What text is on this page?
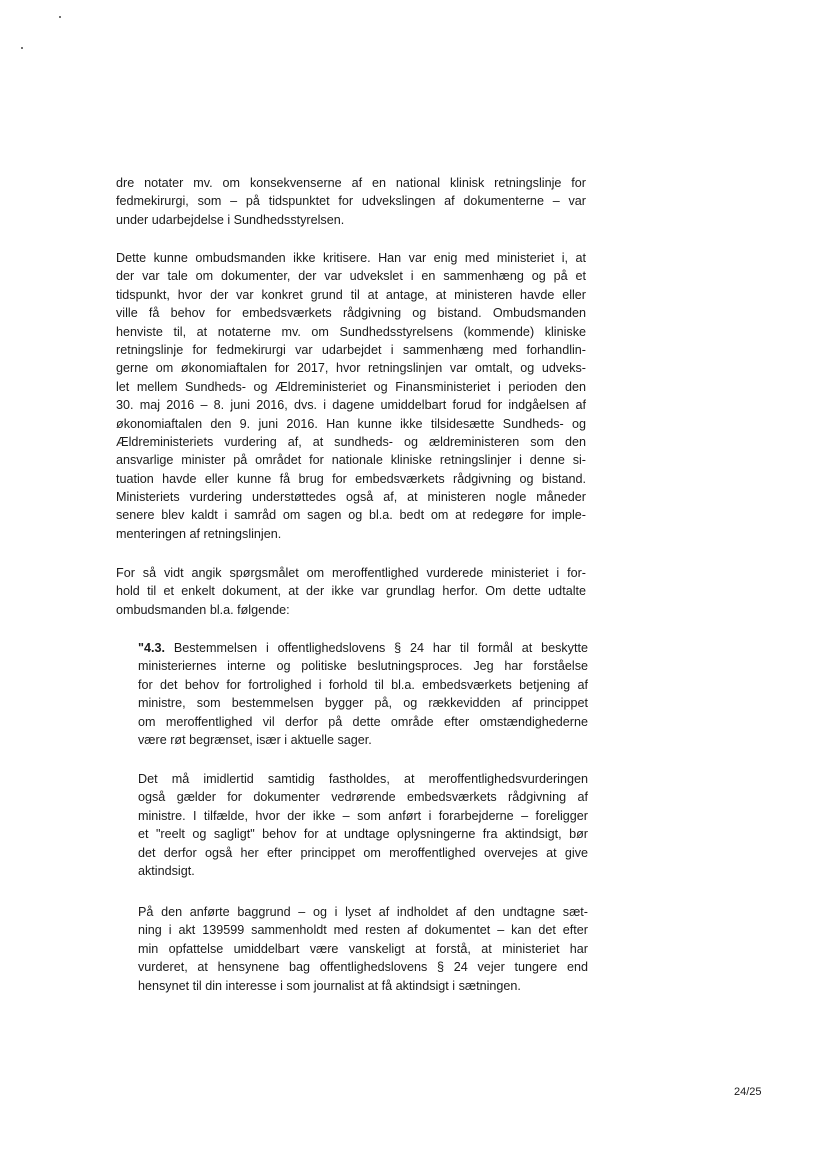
dre notater mv. om konsekvenserne af en national klinisk retningslinje for
fedmekirurgi, som – på tidspunktet for udvekslingen af dokumenterne – var
under udarbejdelse i Sundhedsstyrelsen.
Dette kunne ombudsmanden ikke kritisere. Han var enig med ministeriet i, at
der var tale om dokumenter, der var udvekslet i en sammenhæng og på et
tidspunkt, hvor der var konkret grund til at antage, at ministeren havde eller
ville få behov for embedsværkets rådgivning og bistand. Ombudsmanden
henviste til, at notaterne mv. om Sundhedsstyrelsens (kommende) kliniske
retningslinje for fedmekirurgi var udarbejdet i sammenhæng med forhandlin-
gerne om økonomiaftalen for 2017, hvor retningslinjen var omtalt, og udveks-
let mellem Sundheds- og Ældreministeriet og Finansministeriet i perioden den
30. maj 2016 – 8. juni 2016, dvs. i dagene umiddelbart forud for indgåelsen af
økonomiaftalen den 9. juni 2016. Han kunne ikke tilsidesætte Sundheds- og
Ældreministeriets vurdering af, at sundheds- og ældreministeren som den
ansvarlige minister på området for nationale kliniske retningslinjer i denne si-
tuation havde eller kunne få brug for embedsværkets rådgivning og bistand.
Ministeriets vurdering understøttedes også af, at ministeren nogle måneder
senere blev kaldt i samråd om sagen og bl.a. bedt om at redegøre for imple-
menteringen af retningslinjen.
For så vidt angik spørgsmålet om meroffentlighed vurderede ministeriet i for-
hold til et enkelt dokument, at der ikke var grundlag herfor. Om dette udtalte
ombudsmanden bl.a. følgende:
"4.3. Bestemmelsen i offentlighedslovens § 24 har til formål at beskytte
ministeriernes interne og politiske beslutningsproces. Jeg har forståelse
for det behov for fortrolighed i forhold til bl.a. embedsværkets betjening af
ministre, som bestemmelsen bygger på, og rækkevidden af princippet
om meroffentlighed vil derfor på dette område efter omstændighederne
være røt begrænset, især i aktuelle sager.
Det må imidlertid samtidig fastholdes, at meroffentlighedsvurderingen
også gælder for dokumenter vedrørende embedsværkets rådgivning af
ministre. I tilfælde, hvor der ikke – som anført i forarbejderne – foreligger
et "reelt og sagligt" behov for at undtage oplysningerne fra aktindsigt, bør
det derfor også her efter princippet om meroffentlighed overvejes at give
aktindsigt.
På den anførte baggrund – og i lyset af indholdet af den undtagne sæt-
ning i akt 139599 sammenholdt med resten af dokumentet – kan det efter
min opfattelse umiddelbart være vanskeligt at forstå, at ministeriet har
vurderet, at hensynene bag offentlighedslovens § 24 vejer tungere end
hensynet til din interesse i som journalist at få aktindsigt i sætningen.
24/25
